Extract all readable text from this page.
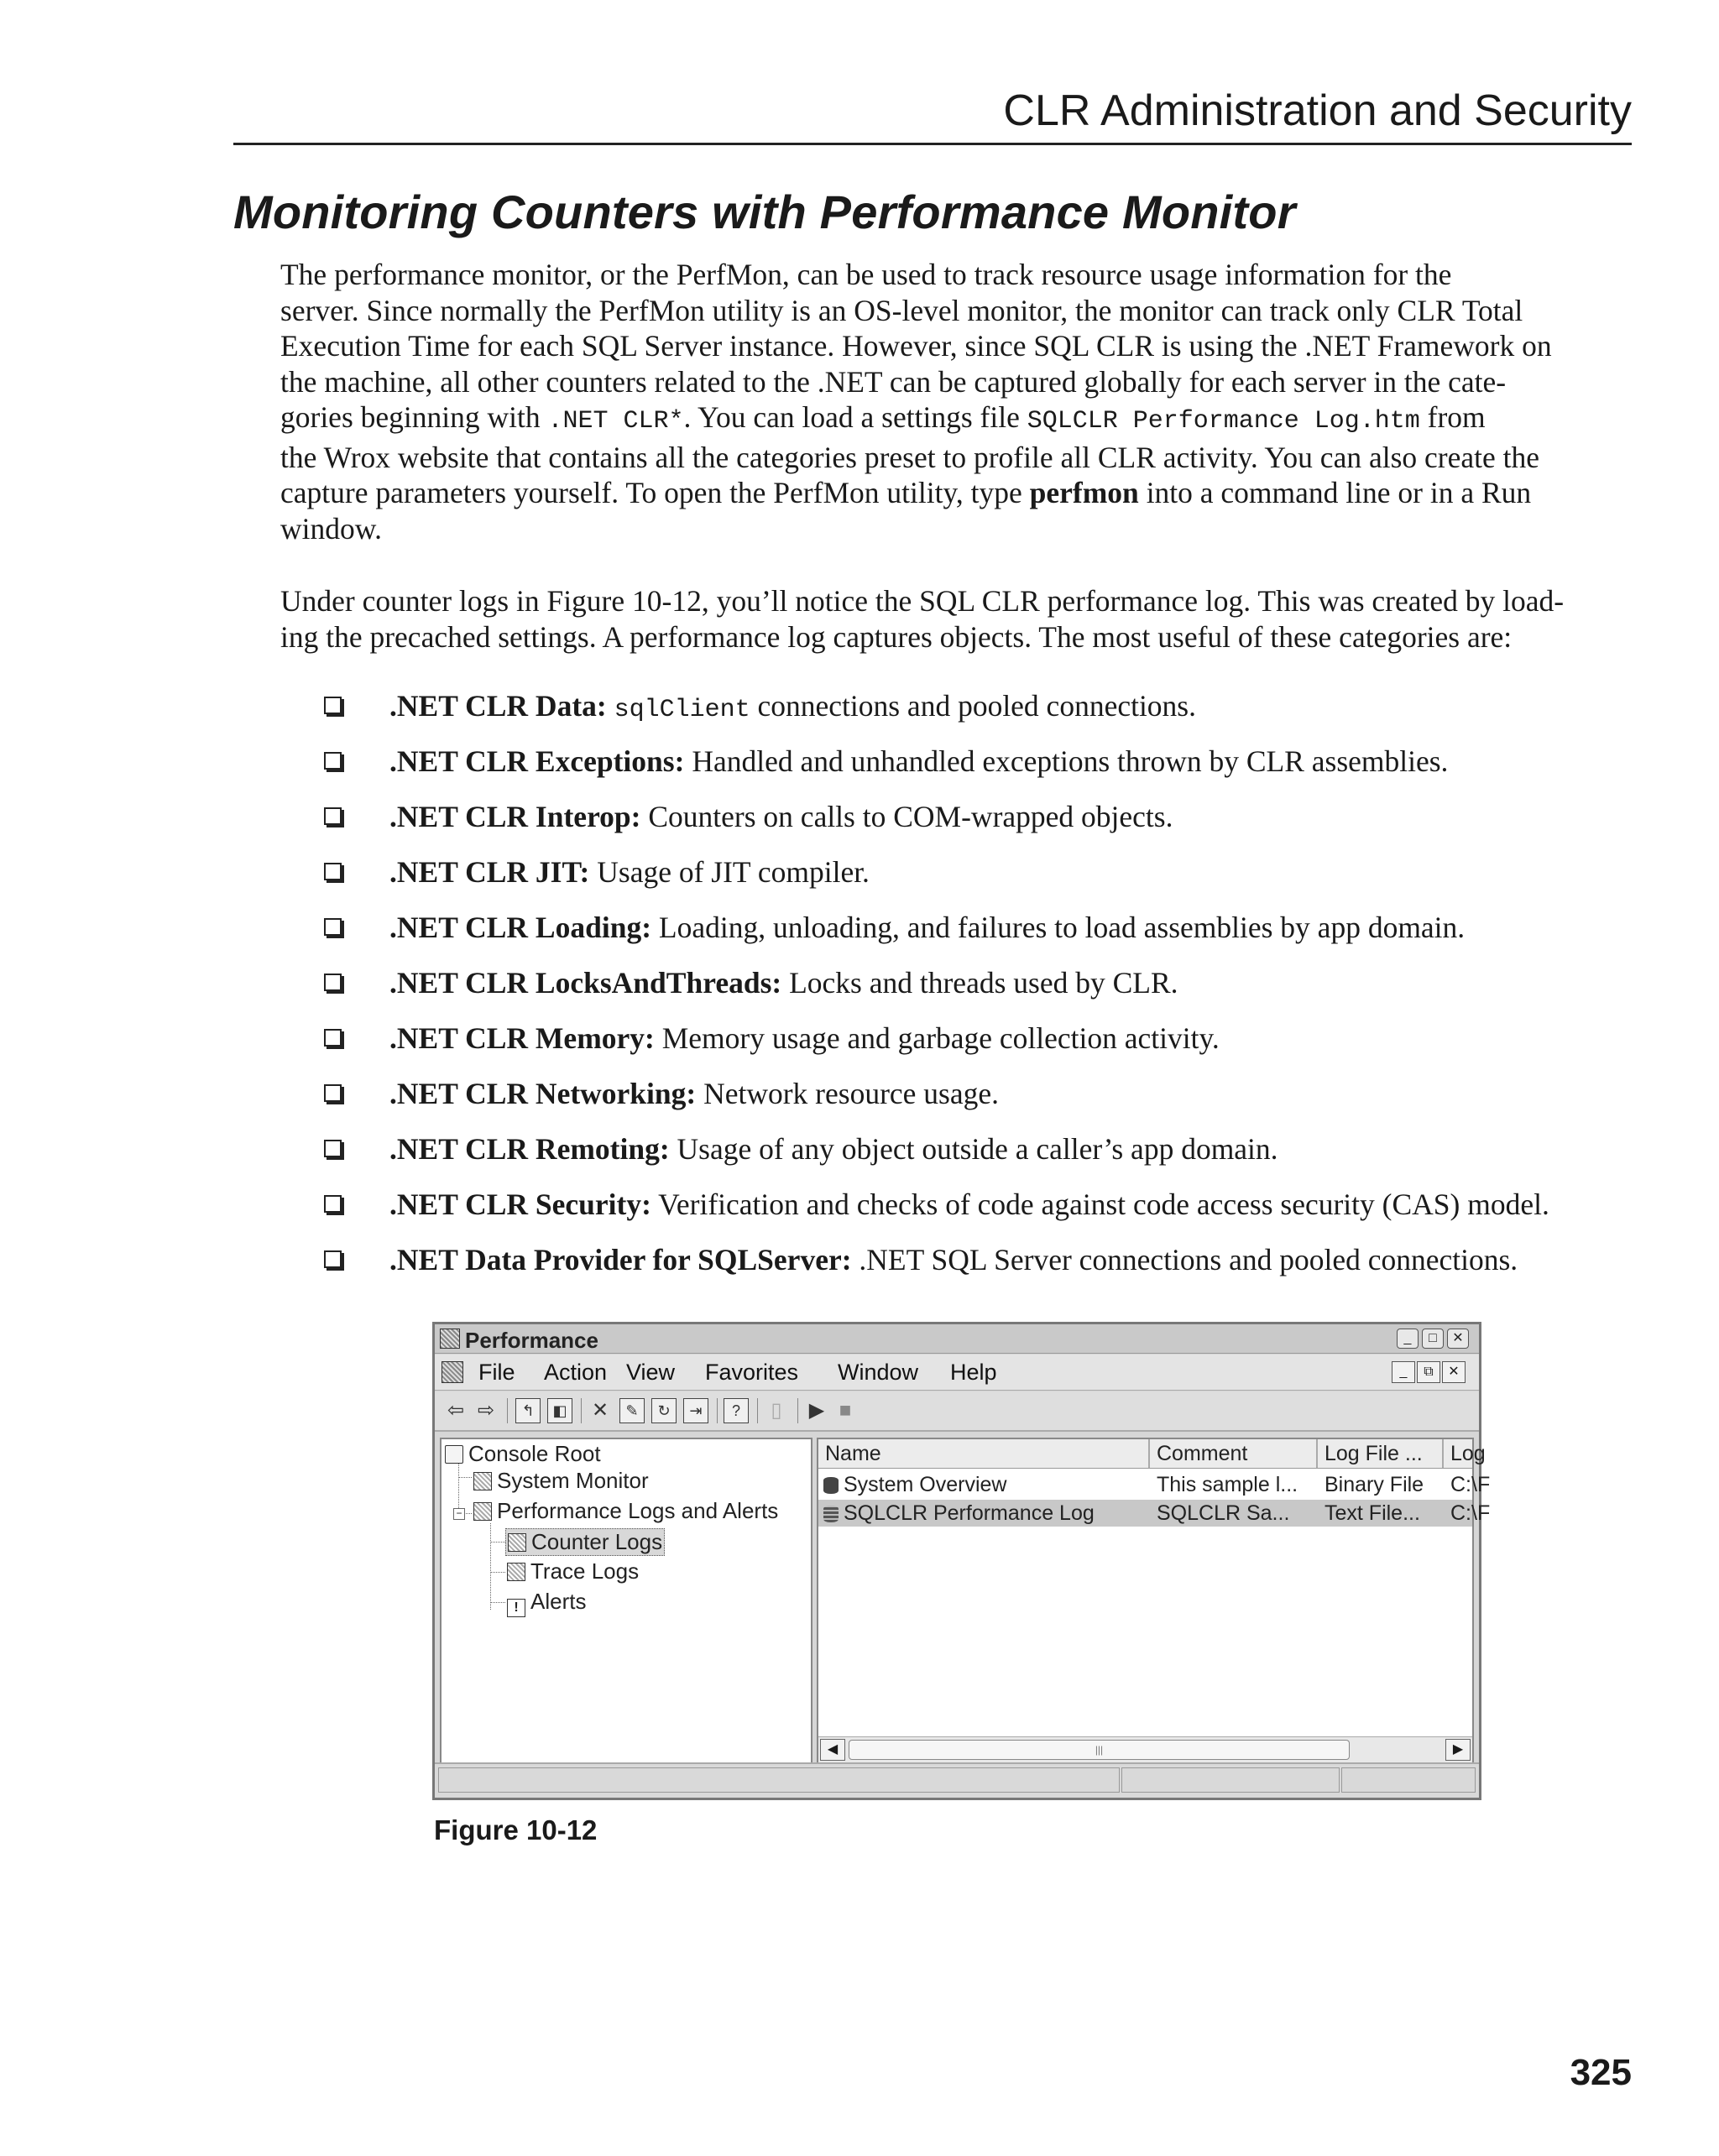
CLR Administration and Security
Monitoring Counters with Performance Monitor
The performance monitor, or the PerfMon, can be used to track resource usage information for the
server. Since normally the PerfMon utility is an OS-level monitor, the monitor can track only CLR Total
Execution Time for each SQL Server instance. However, since SQL CLR is using the .NET Framework on
the machine, all other counters related to the .NET can be captured globally for each server in the cate-
gories beginning with .NET CLR*. You can load a settings file SQLCLR Performance Log.htm from
the Wrox website that contains all the categories preset to profile all CLR activity. You can also create the
capture parameters yourself. To open the PerfMon utility, type perfmon into a command line or in a Run
window.
Under counter logs in Figure 10-12, you’ll notice the SQL CLR performance log. This was created by load-
ing the precached settings. A performance log captures objects. The most useful of these categories are:
.NET CLR Data: sqlClient connections and pooled connections.
.NET CLR Exceptions: Handled and unhandled exceptions thrown by CLR assemblies.
.NET CLR Interop: Counters on calls to COM-wrapped objects.
.NET CLR JIT: Usage of JIT compiler.
.NET CLR Loading: Loading, unloading, and failures to load assemblies by app domain.
.NET CLR LocksAndThreads: Locks and threads used by CLR.
.NET CLR Memory: Memory usage and garbage collection activity.
.NET CLR Networking: Network resource usage.
.NET CLR Remoting: Usage of any object outside a caller’s app domain.
.NET CLR Security: Verification and checks of code against code access security (CAS) model.
.NET Data Provider for SQLServer: .NET SQL Server connections and pooled connections.
Performance	_	□	✕
File Action View Favorites Window Help	_	⧉	✕
⇦ ⇨	↰	◧ ✕	✎	↻	⇥	?	▯	▶ ■
−
Console Root
System Monitor
Performance Logs and Alerts
Counter Logs
Trace Logs
! Alerts
Name	Comment	Log File ...	Log
System Overview	This sample l...	Binary File	C:\F
SQLCLR Performance Log	SQLCLR Sa...	Text File...	C:\F
◀	|||	▶
Figure 10-12
325
